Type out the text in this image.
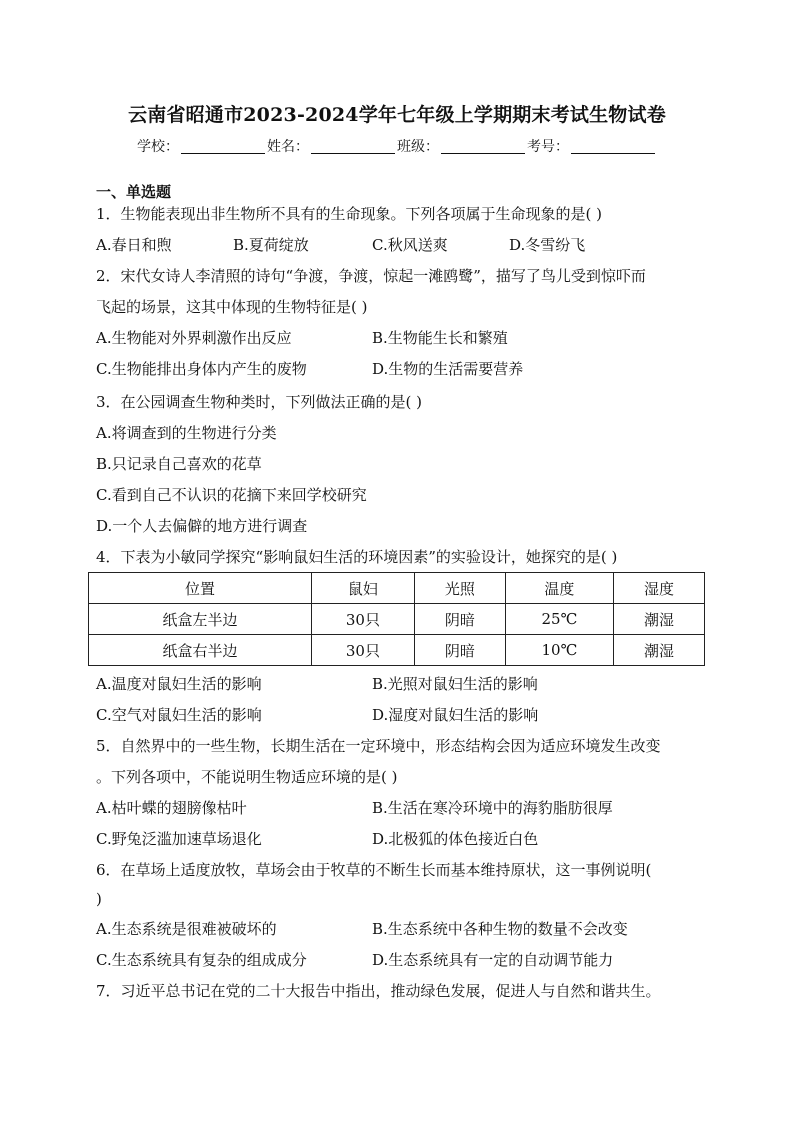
云南省昭通市2023-2024学年七年级上学期期末考试生物试卷
学校：	姓名：	班级：	考号：
一、单选题
1．生物能表现出非生物所不具有的生命现象。下列各项属于生命现象的是( )
A.春日和煦	B.夏荷绽放	C.秋风送爽	D.冬雪纷飞
2．宋代女诗人李清照的诗句“争渡，争渡，惊起一滩鸥鹭”，描写了鸟儿受到惊吓而
飞起的场景，这其中体现的生物特征是( )
A.生物能对外界刺激作出反应	B.生物能生长和繁殖
C.生物能排出身体内产生的废物	D.生物的生活需要营养
3．在公园调查生物种类时，下列做法正确的是( )
A.将调查到的生物进行分类
B.只记录自己喜欢的花草
C.看到自己不认识的花摘下来回学校研究
D.一个人去偏僻的地方进行调查
4．下表为小敏同学探究“影响鼠妇生活的环境因素”的实验设计，她探究的是( )
位置	鼠妇	光照	温度	湿度
纸盒左半边	30只	阴暗	25℃	潮湿
纸盒右半边	30只	阴暗	10℃	潮湿
A.温度对鼠妇生活的影响	B.光照对鼠妇生活的影响
C.空气对鼠妇生活的影响	D.湿度对鼠妇生活的影响
5．自然界中的一些生物，长期生活在一定环境中，形态结构会因为适应环境发生改变
。下列各项中，不能说明生物适应环境的是( )
A.枯叶蝶的翅膀像枯叶	B.生活在寒冷环境中的海豹脂肪很厚
C.野兔泛滥加速草场退化	D.北极狐的体色接近白色
6．在草场上适度放牧，草场会由于牧草的不断生长而基本维持原状，这一事例说明(
)
A.生态系统是很难被破坏的	B.生态系统中各种生物的数量不会改变
C.生态系统具有复杂的组成成分	D.生态系统具有一定的自动调节能力
7．习近平总书记在党的二十大报告中指出，推动绿色发展，促进人与自然和谐共生。
